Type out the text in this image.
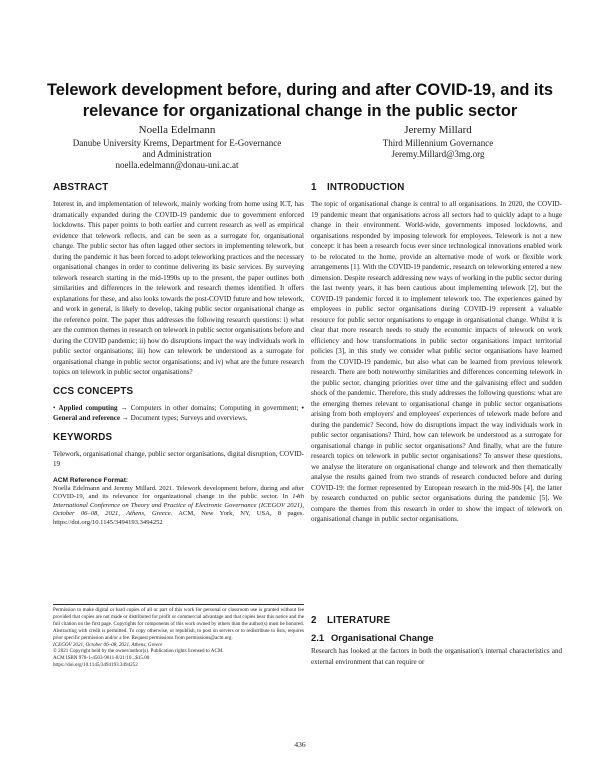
Telework development before, during and after COVID-19, and its relevance for organizational change in the public sector
Noella Edelmann
Danube University Krems, Department for E-Governance
and Administration
noella.edelmann@donau-uni.ac.at
Jeremy Millard
Third Millennium Governance
Jeremy.Millard@3mg.org
ABSTRACT

Interest in, and implementation of telework, mainly working from home using ICT, has dramatically expanded during the COVID-19 pandemic due to government enforced lockdowns. This paper points to both earlier and current research as well as empirical evidence that telework reflects, and can be seen as a surrogate for, organisational change. The public sector has often lagged other sectors in implementing telework, but during the pandemic it has been forced to adopt teleworking practices and the necessary organisational changes in order to continue delivering its basic services. By surveying telework research starting in the mid-1990s up to the present, the paper outlines both similarities and differences in the telework and research themes identified. It offers explanations for these, and also looks towards the post-COVID future and how telework, and work in general, is likely to develop, taking public sector organisational change as the reference point. The paper thus addresses the following research questions: i) what are the common themes in research on telework in public sector organisations before and during the COVID pandemic; ii) how do disruptions impact the way individuals work in public sector organisations; iii) how can telework be understood as a surrogate for organisational change in public sector organisations; and iv) what are the future research topics on telework in public sector organisations?

CCS CONCEPTS

• Applied computing → Computers in other domains; Computing in government; • General and reference → Document types; Surveys and overviews.

KEYWORDS

Telework, organisational change, public sector organisations, digital disruption, COVID-19

ACM Reference Format:
Noella Edelmann and Jeremy Millard. 2021. Telework development before, during and after COVID-19, and its relevance for organizational change in the public sector. In 14th International Conference on Theory and Practice of Electronic Governance (ICEGOV 2021), October 06–08, 2021, Athens, Greece. ACM, New York, NY, USA, 8 pages. https://doi.org/10.1145/3494193.3494252

Permission to make digital or hard copies of all or part of this work for personal or classroom use is granted without fee provided that copies are not made or distributed for profit or commercial advantage and that copies bear this notice and the full citation on the first page. Copyrights for components of this work owned by others than the author(s) must be honored. Abstracting with credit is permitted. To copy otherwise, or republish, to post on servers or to redistribute to lists, requires prior specific permission and/or a fee. Request permissions from permissions@acm.org.

ICEGOV 2021, October 06–08, 2021, Athens, Greece

© 2021 Copyright held by the owner/author(s). Publication rights licensed to ACM.

ACM ISBN 978-1-4503-9011-8/21/10...$15.00

https://doi.org/10.1145/3494193.3494252

1 INTRODUCTION

The topic of organisational change is central to all organisations. In 2020, the COVID-19 pandemic meant that organisations across all sectors had to quickly adapt to a huge change in their environment. World-wide, governments imposed lockdowns, and organisations responded by imposing telework for employees. Telework is not a new concept: it has been a research focus ever since technological innovations enabled work to be relocated to the home, provide an alternative mode of work or flexible work arrangements [1]. With the COVID-19 pandemic, research on teleworking entered a new dimension. Despite research addressing new ways of working in the public sector during the last twenty years, it has been cautious about implementing telework [2], but the COVID-19 pandemic forced it to implement telework too. The experiences gained by employees in public sector organisations during COVID-19 represent a valuable resource for public sector organisations to engage in organisational change. Whilst it is clear that more research needs to study the economic impacts of telework on work efficiency and how transformations in public sector organisations impact territorial policies [3], in this study we consider what public sector organisations have learned from the COVID-19 pandemic, but also what can be learned from previous telework research. There are both noteworthy similarities and differences concerning telework in the public sector, changing priorities over time and the galvanising effect and sudden shock of the pandemic. Therefore, this study addresses the following questions: what are the emerging themes relevant to organisational change in public sector organisations arising from both employers' and employees' experiences of telework made before and during the pandemic? Second, how do disruptions impact the way individuals work in public sector organisations? Third, how can telework be understood as a surrogate for organisational change in public sector organisations? And finally, what are the future research topics on telework in public sector organisations? To answer these questions, we analyse the literature on organisational change and telework and then thematically analyse the results gained from two strands of research conducted before and during COVID-19: the former represented by European research in the mid-90s [4], the latter by research conducted on public sector organisations during the pandemic [5]. We compare the themes from this research in order to show the impact of telework on organisational change in public sector organisations.

2 LITERATURE
2.1 Organisational Change

Research has looked at the factors in both the organisation's internal characteristics and external environment that can require or

436
